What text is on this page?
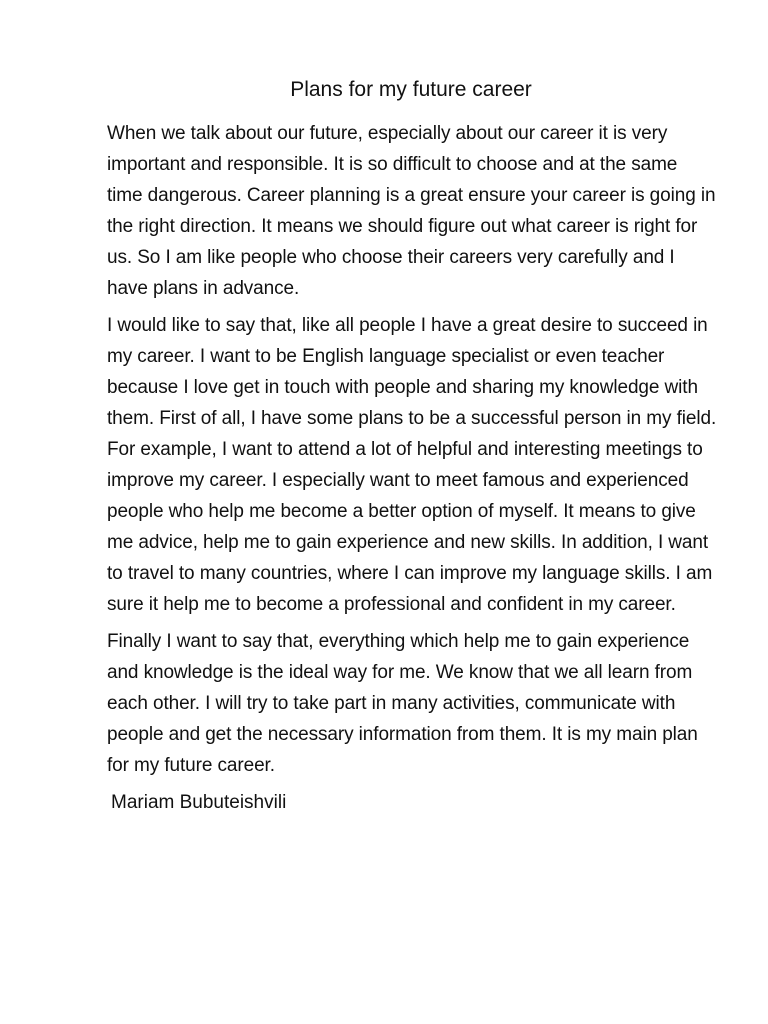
Plans for my future career

When we talk about our future, especially about our career it is very important and responsible. It is so difficult to choose and at the same time dangerous. Career planning is a great ensure your career is going in the right direction. It means we should figure out what career is right for us. So I am like people who choose their careers very carefully and I have plans in advance.

I would like to say that, like all people I have a great desire to succeed in my career. I want to be English language specialist or even teacher because I love get in touch with people and sharing my knowledge with them. First of all, I have some plans to be a successful person in my field. For example, I want to attend a lot of helpful and interesting meetings to improve my career. I especially want to meet famous and experienced people who help me become a better option of myself. It means to give me advice, help me to gain experience and new skills. In addition, I want to travel to many countries, where I can improve my language skills. I am sure it help me to become a professional and confident in my career.

Finally I want to say that, everything which help me to gain experience and knowledge is the ideal way for me. We know that we all learn from each other. I will try to take part in many activities, communicate with people and get the necessary information from them. It is my main plan for my future career.

Mariam Bubuteishvili
